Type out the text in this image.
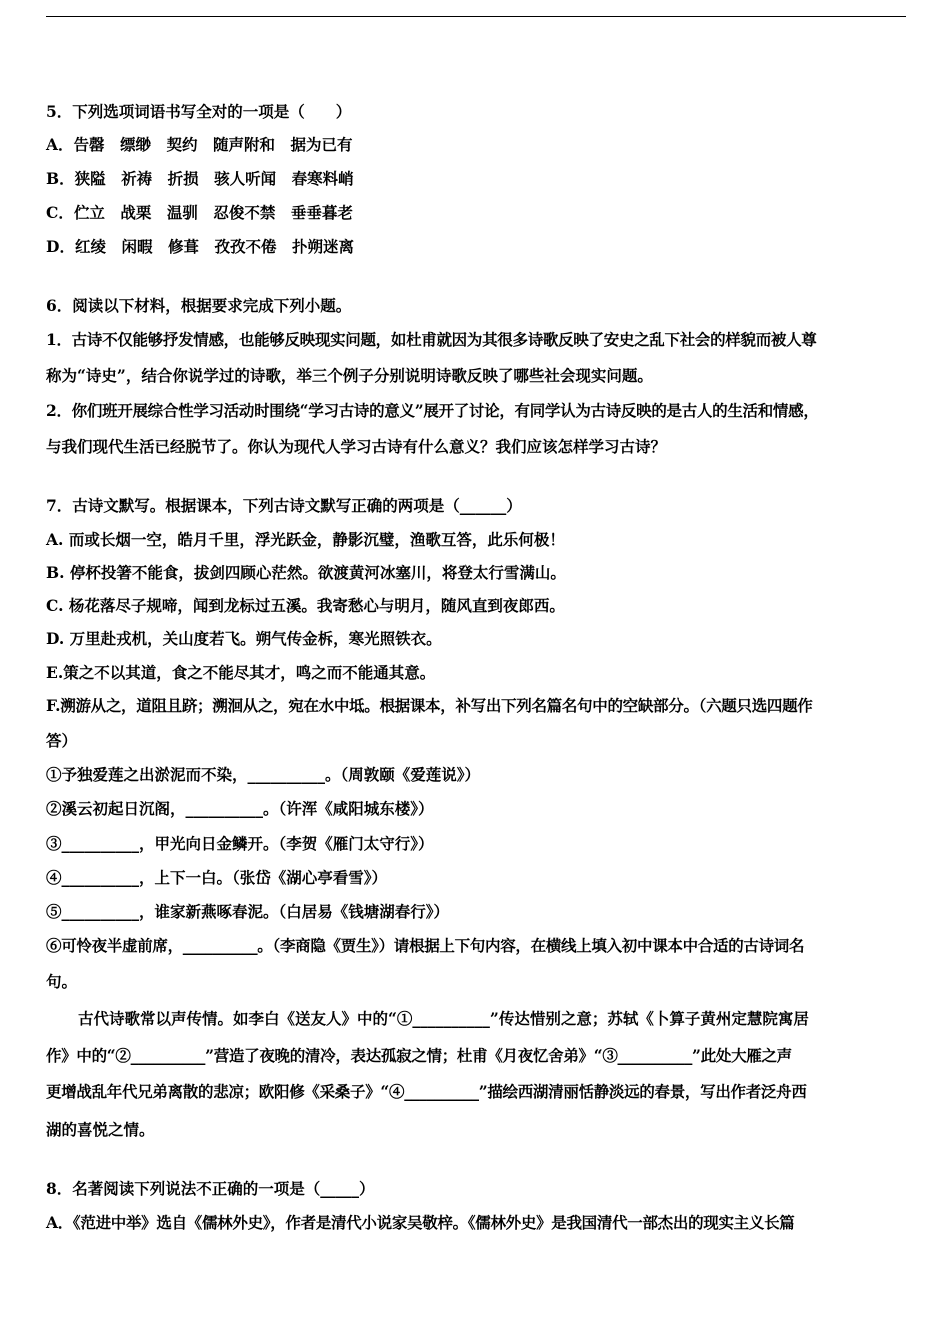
5．下列选项词语书写全对的一项是（　　）
A．告罄　缥缈　契约　随声附和　据为已有
B．狭隘　祈祷　折损　骇人听闻　春寒料峭
C．伫立　战栗　温驯　忍俊不禁　垂垂暮老
D．红绫　闲暇　修葺　孜孜不倦　扑朔迷离
6．阅读以下材料，根据要求完成下列小题。
1．古诗不仅能够抒发情感，也能够反映现实问题，如杜甫就因为其很多诗歌反映了安史之乱下社会的样貌而被人尊
称为“诗史”，结合你说学过的诗歌，举三个例子分别说明诗歌反映了哪些社会现实问题。
2．你们班开展综合性学习活动时围绕“学习古诗的意义”展开了讨论，有同学认为古诗反映的是古人的生活和情感，
与我们现代生活已经脱节了。你认为现代人学习古诗有什么意义？我们应该怎样学习古诗？
7．古诗文默写。根据课本，下列古诗文默写正确的两项是（______）
A. 而或长烟一空，皓月千里，浮光跃金，静影沉璧，渔歌互答，此乐何极！
B. 停杯投箸不能食，拔剑四顾心茫然。欲渡黄河冰塞川，将登太行雪满山。
C. 杨花落尽子规啼，闻到龙标过五溪。我寄愁心与明月，随风直到夜郎西。
D. 万里赴戎机，关山度若飞。朔气传金柝，寒光照铁衣。
E.策之不以其道，食之不能尽其才，鸣之而不能通其意。
F.溯游从之，道阻且跻；溯洄从之，宛在水中坻。根据课本，补写出下列名篇名句中的空缺部分。（六题只选四题作
答）
①予独爱莲之出淤泥而不染，__________。（周敦颐《爱莲说》）
②溪云初起日沉阁，__________。（许浑《咸阳城东楼》）
③__________，甲光向日金鳞开。（李贺《雁门太守行》）
④__________，上下一白。（张岱《湖心亭看雪》）
⑤__________，谁家新燕啄春泥。（白居易《钱塘湖春行》）
⑥可怜夜半虚前席，__________。（李商隐《贾生》）请根据上下句内容，在横线上填入初中课本中合适的古诗词名
句。
古代诗歌常以声传情。如李白《送友人》中的“①__________”传达惜别之意；苏轼《卜算子黄州定慧院寓居
作》中的“②__________”营造了夜晚的清冷，表达孤寂之情；杜甫《月夜忆舍弟》“③__________”此处大雁之声
更增战乱年代兄弟离散的悲凉；欧阳修《采桑子》“④__________”描绘西湖清丽恬静淡远的春景，写出作者泛舟西
湖的喜悦之情。
8．名著阅读下列说法不正确的一项是（_____）
A．《范进中举》选自《儒林外史》，作者是清代小说家吴敬梓。《儒林外史》是我国清代一部杰出的现实主义长篇
